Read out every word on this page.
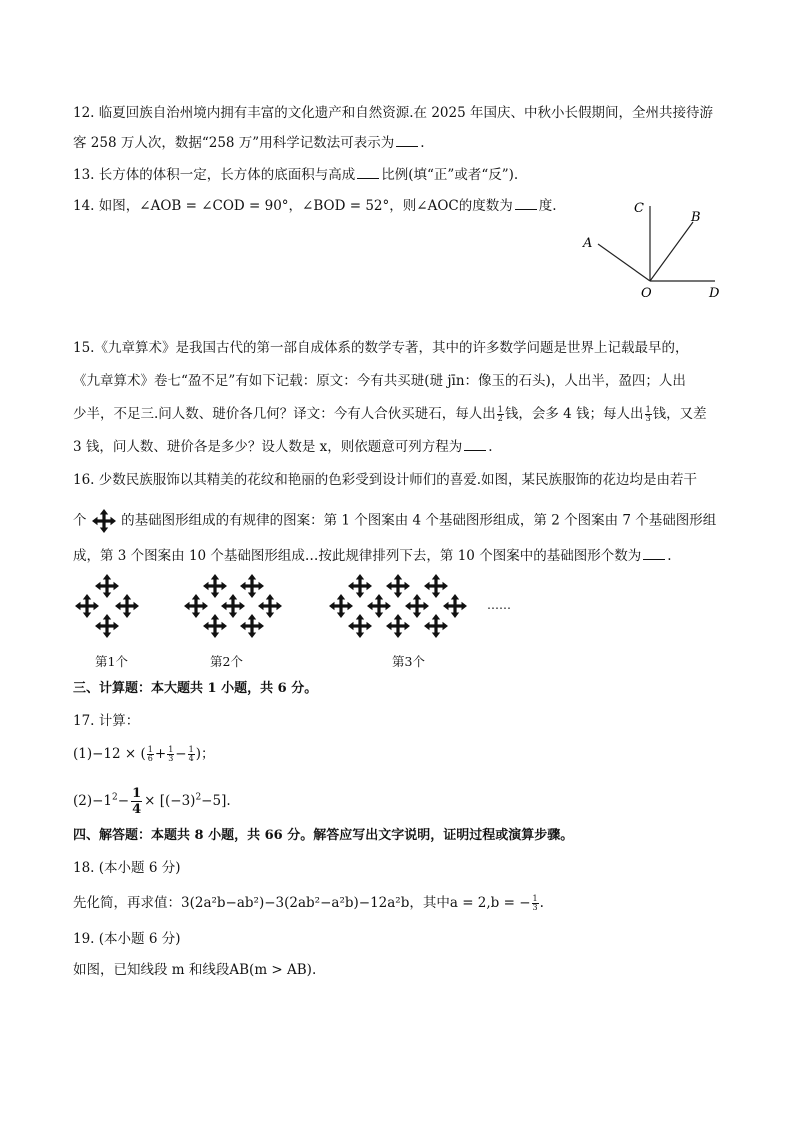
12. 临夏回族自治州境内拥有丰富的文化遗产和自然资源.在 2025 年国庆、中秋小长假期间，全州共接待游
客 258 万人次，数据“258 万”用科学记数法可表示为 .
13. 长方体的体积一定，长方体的底面积与高成 比例(填“正”或者“反”).
14. 如图，∠AOB = ∠COD = 90°，∠BOD = 52°，则∠AOC的度数为 度.	C
B
A
O	D
15.《九章算术》是我国古代的第一部自成体系的数学专著，其中的许多数学问题是世界上记载最早的，
《九章算术》卷七“盈不足”有如下记载：原文：今有共买琎(琎 jīn：像玉的石头)，人出半，盈四；人出
少半，不足三.问人数、琎价各几何？译文：今有人合伙买琎石，每人出 $\frac{1}{2}$ 钱，会多 4 钱；每人出 $\frac{1}{3}$ 钱，又差
3 钱，问人数、琎价各是多少？设人数是 x，则依题意可列方程为 .
16. 少数民族服饰以其精美的花纹和艳丽的色彩受到设计师们的喜爱.如图，某民族服饰的花边均是由若干
个	的基础图形组成的有规律的图案：第 1 个图案由 4 个基础图形组成，第 2 个图案由 7 个基础图形组
成，第 3 个图案由 10 个基础图形组成…按此规律排列下去，第 10 个图案中的基础图形个数为 .
……
第1个	第2个	第3个
三、计算题：本大题共 1 小题，共 6 分。
17. 计算：
(1)−12 × ( $\frac{1}{6} + \frac{1}{3} - \frac{1}{4}$ )；
$(2)-1^2- \frac{1}{4} \times [(-3)^2-5]$.
四、解答题：本题共 8 小题，共 66 分。解答应写出文字说明，证明过程或演算步骤。
18. (本小题 6 分)
先化简，再求值：3(2a²b−ab²)−3(2ab²−a²b)−12a²b，其中a = 2,b = − $\frac{1}{3}$ .
19. (本小题 6 分)
如图，已知线段 m 和线段AB(m > AB).
